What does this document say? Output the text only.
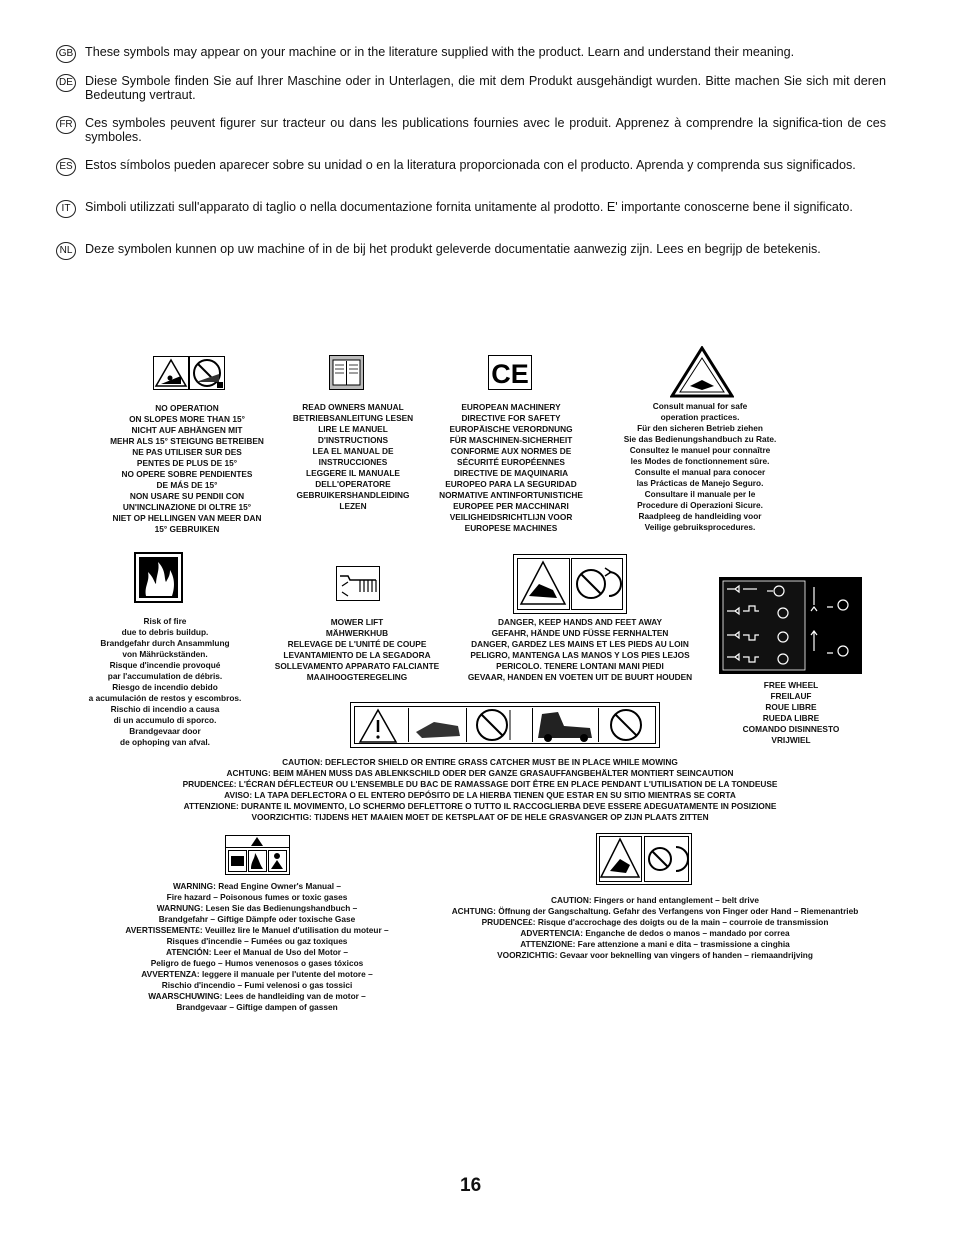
GB These symbols may appear on your machine or in the literature supplied with the product. Learn and understand their meaning.
DE Diese Symbole finden Sie auf Ihrer Maschine oder in Unterlagen, die mit dem Produkt ausgehändigt wurden. Bitte machen Sie sich mit deren Bedeutung vertraut.
FR Ces symboles peuvent figurer sur tracteur ou dans les publications fournies avec le produit. Apprenez à comprendre la significa-tion de ces symboles.
ES Estos símbolos pueden aparecer sobre su unidad o en la literatura proporcionada con el producto. Aprenda y comprenda sus significados.
IT	Simboli utilizzati sull'apparato di taglio o nella documentazione fornita unitamente al prodotto. E' importante conoscerne bene il significato.
NL Deze symbolen kunnen op uw machine of in de bij het produkt geleverde documentatie aanwezig zijn. Lees en begrijp de betekenis.
NO OPERATION
ON SLOPES MORE THAN 15°
NICHT AUF ABHÄNGEN MIT
MEHR ALS 15° STEIGUNG BETREIBEN
NE PAS UTILISER SUR DES
PENTES DE PLUS DE 15°
NO OPERE SOBRE PENDIENTES
DE MÁS DE 15°
NON USARE SU PENDII CON
UN'INCLINAZIONE DI OLTRE 15°
NIET OP HELLINGEN VAN MEER DAN
15° GEBRUIKEN
READ OWNERS MANUAL
BETRIEBSANLEITUNG LESEN
LIRE LE MANUEL
D'INSTRUCTIONS
LEA EL MANUAL DE
INSTRUCCIONES
LEGGERE IL MANUALE
DELL'OPERATORE
GEBRUIKERSHANDLEIDING
LEZEN
CE
EUROPEAN MACHINERY
DIRECTIVE FOR SAFETY
EUROPÄISCHE VERORDNUNG
FÜR MASCHINEN-SICHERHEIT
CONFORME AUX NORMES DE
SÉCURITÉ EUROPÉENNES
DIRECTIVE DE MAQUINARIA
EUROPEO PARA LA SEGURIDAD
NORMATIVE ANTINFORTUNISTICHE
EUROPEE PER MACCHINARI
VEILIGHEIDSRICHTLIJN VOOR
EUROPESE MACHINES
Consult manual for safe
operation practices.
Für den sicheren Betrieb ziehen
Sie das Bedienungshandbuch zu Rate.
Consultez le manuel pour connaître
les Modes de fonctionnement sûre.
Consulte el manual para conocer
las Prácticas de Manejo Seguro.
Consultare il manuale per le
Procedure di Operazioni Sicure.
Raadpleeg de handleiding voor
Veilige gebruiksprocedures.
Risk of fire
due to debris buildup.
Brandgefahr durch Ansammlung
von Mährückständen.
Risque d'incendie provoqué
par l'accumulation de débris.
Riesgo de incendio debido
a acumulación de restos y escombros.
Rischio di incendio a causa
di un accumulo di sporco.
Brandgevaar door
de ophoping van afval.
MOWER LIFT
MÄHWERKHUB
RELEVAGE DE L'UNITÉ DE COUPE
LEVANTAMIENTO DE LA SEGADORA
SOLLEVAMENTO APPARATO FALCIANTE
MAAIHOOGTEREGELING
DANGER, KEEP HANDS AND FEET AWAY
GEFAHR, HÄNDE UND FÜSSE FERNHALTEN
DANGER, GARDEZ LES MAINS ET LES PIEDS AU LOIN
PELIGRO, MANTENGA LAS MANOS Y LOS PIES LEJOS
PERICOLO. TENERE LONTANI MANI PIEDI
GEVAAR, HANDEN EN VOETEN UIT DE BUURT HOUDEN
FREE WHEEL
FREILAUF
ROUE LIBRE
RUEDA LIBRE
COMANDO DISINNESTO
VRIJWIEL
CAUTION: DEFLECTOR SHIELD OR ENTIRE GRASS CATCHER MUST BE IN PLACE WHILE MOWING
ACHTUNG: BEIM MÄHEN MUSS DAS ABLENKSCHILD ODER DER GANZE GRASAUFFANGBEHÄLTER MONTIERT SEINCAUTION
PRUDENCE£: L'ÉCRAN DÉFLECTEUR OU L'ENSEMBLE DU BAC DE RAMASSAGE DOIT ÊTRE EN PLACE PENDANT L'UTILISATION DE LA TONDEUSE
AVISO: LA TAPA DEFLECTORA O EL ENTERO DEPÓSITO DE LA HIERBA TIENEN QUE ESTAR EN SU SITIO MIENTRAS SE CORTA
ATTENZIONE: DURANTE IL MOVIMENTO, LO SCHERMO DEFLETTORE O TUTTO IL RACCOGLIERBA DEVE ESSERE ADEGUATAMENTE IN POSIZIONE
VOORZICHTIG: TIJDENS HET MAAIEN MOET DE KETSPLAAT OF DE HELE GRASVANGER OP ZIJN PLAATS ZITTEN
WARNING: Read Engine Owner's Manual –
Fire hazard – Poisonous fumes or toxic gases
WARNUNG: Lesen Sie das Bedienungshandbuch –
Brandgefahr – Giftige Dämpfe oder toxische Gase
AVERTISSEMENT£: Veuillez lire le Manuel d'utilisation du moteur –
Risques d'incendie – Fumées ou gaz toxiques
ATENCIÓN: Leer el Manual de Uso del Motor –
Peligro de fuego – Humos venenosos o gases tóxicos
AVVERTENZA: leggere il manuale per l'utente del motore –
Rischio d'incendio – Fumi velenosi o gas tossici
WAARSCHUWING: Lees de handleiding van de motor –
Brandgevaar – Giftige dampen of gassen
CAUTION: Fingers or hand entanglement – belt drive
ACHTUNG: Öffnung der Gangschaltung. Gefahr des Verfangens von Finger oder Hand – Riemenantrieb
PRUDENCE£: Risque d'accrochage des doigts ou de la main – courroie de transmission
ADVERTENCIA: Enganche de dedos o manos – mandado por correa
ATTENZIONE: Fare attenzione a mani e dita – trasmissione a cinghia
VOORZICHTIG: Gevaar voor beknelling van vingers of handen – riemaandrijving
16
